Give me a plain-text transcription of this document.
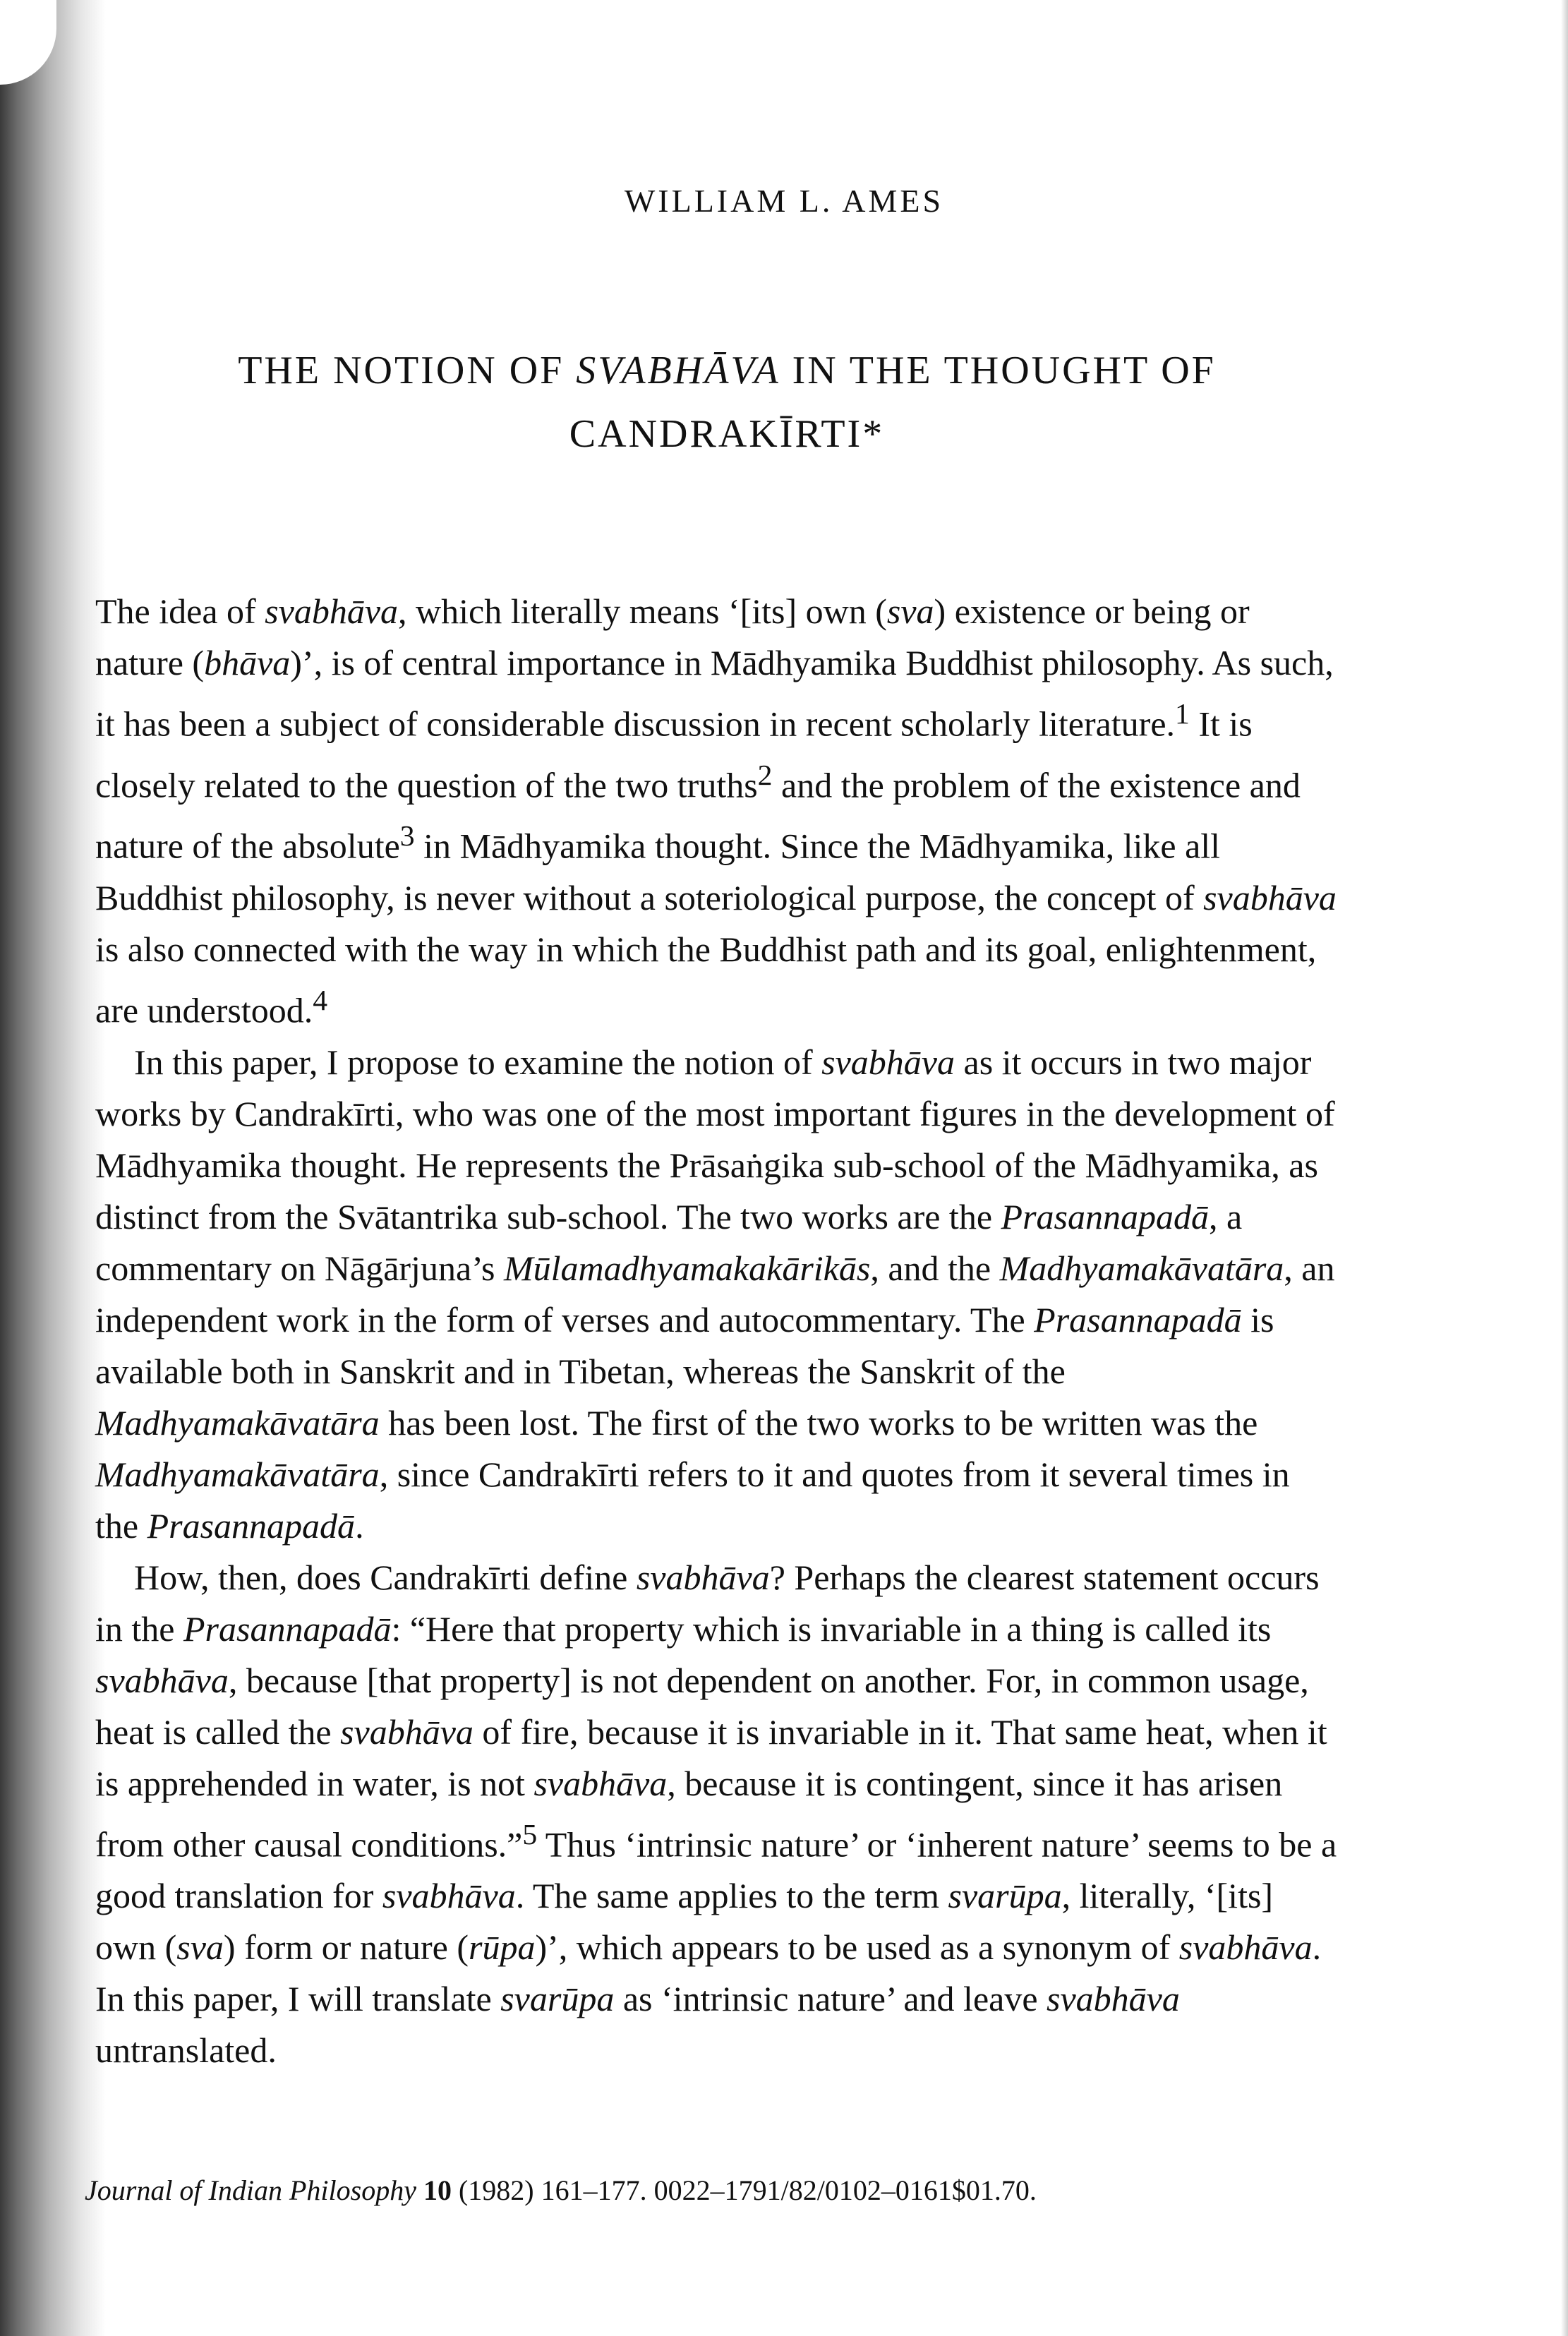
WILLIAM L. AMES
THE NOTION OF SVABHĀVA IN THE THOUGHT OF
CANDRAKĪRTI*

The idea of svabhāva, which literally means ‘[its] own (sva) existence or being or nature (bhāva)’, is of central importance in Mādhyamika Buddhist philosophy. As such, it has been a subject of considerable discussion in recent scholarly literature.$^1$ It is closely related to the question of the two truths$^2$ and the problem of the existence and nature of the absolute$^3$ in Mādhyamika thought. Since the Mādhyamika, like all Buddhist philosophy, is never without a soteriological purpose, the concept of svabhāva is also connected with the way in which the Buddhist path and its goal, enlightenment, are understood.$^4$

In this paper, I propose to examine the notion of svabhāva as it occurs in two major works by Candrakīrti, who was one of the most important figures in the development of Mādhyamika thought. He represents the Prāsaṅgika sub-school of the Mādhyamika, as distinct from the Svātantrika sub-school. The two works are the Prasannapadā, a commentary on Nāgārjuna’s Mūlamadhyamakakārikās, and the Madhyamakāvatāra, an independent work in the form of verses and autocommentary. The Prasannapadā is available both in Sanskrit and in Tibetan, whereas the Sanskrit of the Madhyamakāvatāra has been lost. The first of the two works to be written was the Madhyamakāvatāra, since Candrakīrti refers to it and quotes from it several times in the Prasannapadā.

How, then, does Candrakīrti define svabhāva? Perhaps the clearest statement occurs in the Prasannapadā: “Here that property which is invariable in a thing is called its svabhāva, because [that property] is not dependent on another. For, in common usage, heat is called the svabhāva of fire, because it is invariable in it. That same heat, when it is apprehended in water, is not svabhāva, because it is contingent, since it has arisen from other causal conditions.”$^5$ Thus ‘intrinsic nature’ or ‘inherent nature’ seems to be a good translation for svabhāva. The same applies to the term svarūpa, literally, ‘[its] own (sva) form or nature (rūpa)’, which appears to be used as a synonym of svabhāva. In this paper, I will translate svarūpa as ‘intrinsic nature’ and leave svabhāva untranslated.

Journal of Indian Philosophy 10 (1982) 161–177. 0022–1791/82/0102–0161$01.70.
